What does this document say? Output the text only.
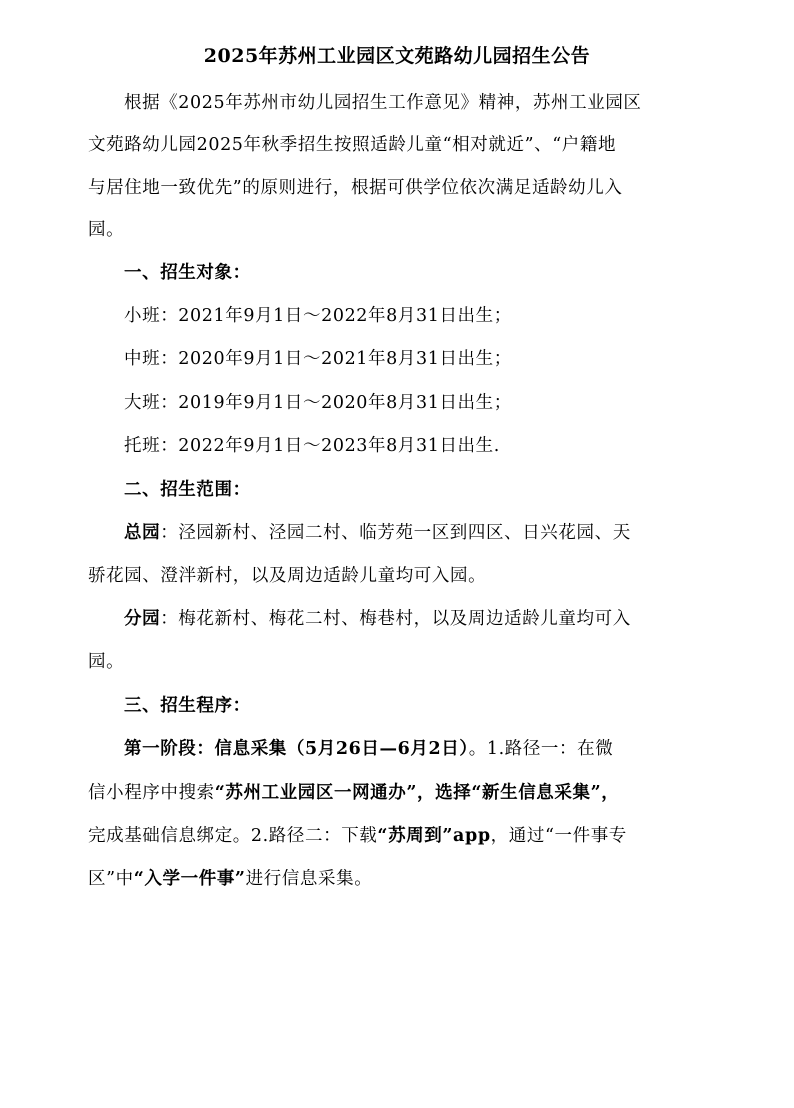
2025年苏州工业园区文苑路幼儿园招生公告
根据《2025年苏州市幼儿园招生工作意见》精神，苏州工业园区
文苑路幼儿园2025年秋季招生按照适龄儿童“相对就近”、“户籍地
与居住地一致优先”的原则进行，根据可供学位依次满足适龄幼儿入
园。
一、招生对象：
小班：2021年9月1日～2022年8月31日出生；
中班：2020年9月1日～2021年8月31日出生；
大班：2019年9月1日～2020年8月31日出生；
托班：2022年9月1日～2023年8月31日出生.
二、招生范围：
总园：泾园新村、泾园二村、临芳苑一区到四区、日兴花园、天
骄花园、澄泮新村，以及周边适龄儿童均可入园。
分园：梅花新村、梅花二村、梅巷村，以及周边适龄儿童均可入
园。
三、招生程序：
第一阶段：信息采集（5月26日—6月2日）。1.路径一：在微
信小程序中搜索“苏州工业园区一网通办”，选择“新生信息采集”，
完成基础信息绑定。2.路径二：下载“苏周到”app，通过“一件事专
区”中“入学一件事”进行信息采集。
